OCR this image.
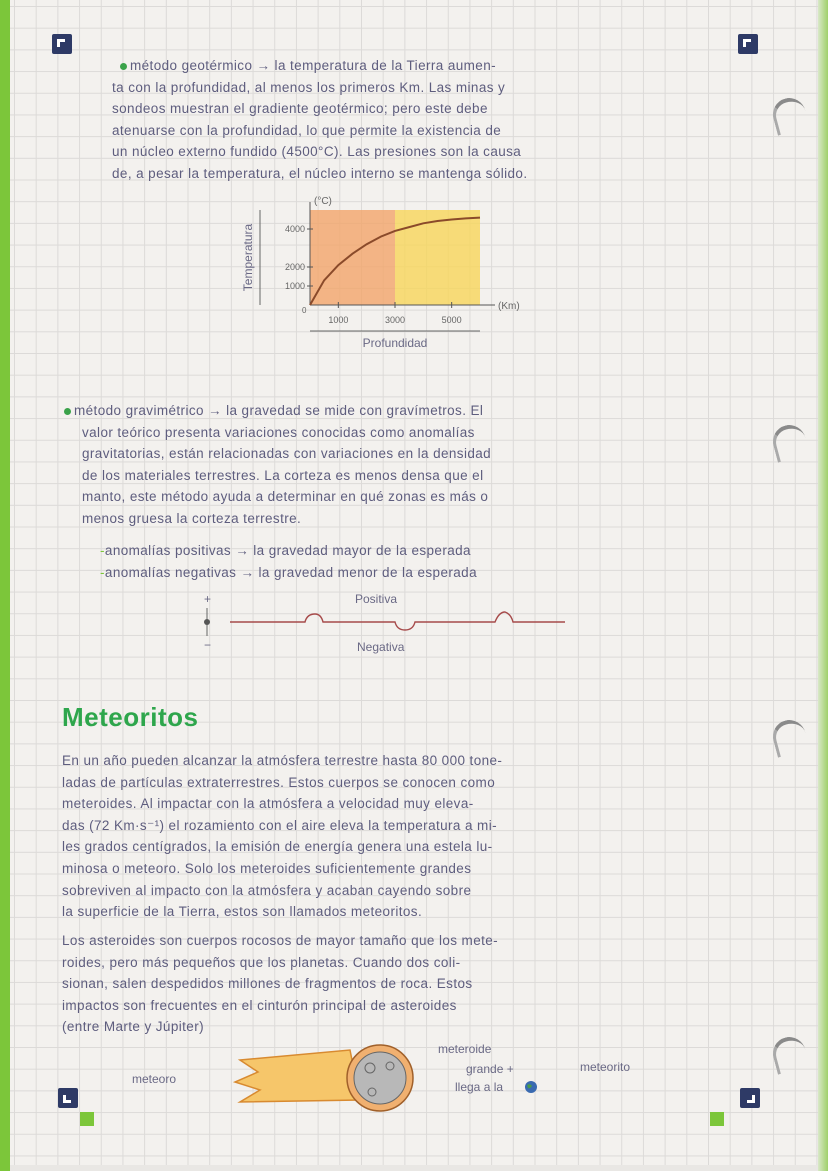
método geotérmico → la temperatura de la Tierra aumen-
ta con la profundidad, al menos los primeros Km. Las minas y
sondeos muestran el gradiente geotérmico; pero este debe
atenuarse con la profundidad, lo que permite la existencia de
un núcleo externo fundido (4500°C). Las presiones son la causa
de, a pesar la temperatura, el núcleo interno se mantenga sólido.
1000
2000
4000
1000	3000	5000
0
(°C)
(Km)
Profundidad
Temperatura
método gravimétrico → la gravedad se mide con gravímetros. El
valor teórico presenta variaciones conocidas como anomalías
gravitatorias, están relacionadas con variaciones en la densidad
de los materiales terrestres. La corteza es menos densa que el
manto, este método ayuda a determinar en qué zonas es más o
menos gruesa la corteza terrestre.
-anomalías positivas → la gravedad mayor de la esperada
-anomalías negativas → la gravedad menor de la esperada
Positiva
Negativa
+
−
Meteoritos
En un año pueden alcanzar la atmósfera terrestre hasta 80 000 tone-
ladas de partículas extraterrestres. Estos cuerpos se conocen como
meteroides. Al impactar con la atmósfera a velocidad muy eleva-
das (72 Km·s⁻¹) el rozamiento con el aire eleva la temperatura a mi-
les grados centígrados, la emisión de energía genera una estela lu-
minosa o meteoro. Solo los meteroides suficientemente grandes
sobreviven al impacto con la atmósfera y acaban cayendo sobre
la superficie de la Tierra, estos son llamados meteoritos.
Los asteroides son cuerpos rocosos de mayor tamaño que los mete-
roides, pero más pequeños que los planetas. Cuando dos coli-
sionan, salen despedidos millones de fragmentos de roca. Estos
impactos son frecuentes en el cinturón principal de asteroides
(entre Marte y Júpiter)
meteoro
meteroide
grande +
llega a la
meteorito
